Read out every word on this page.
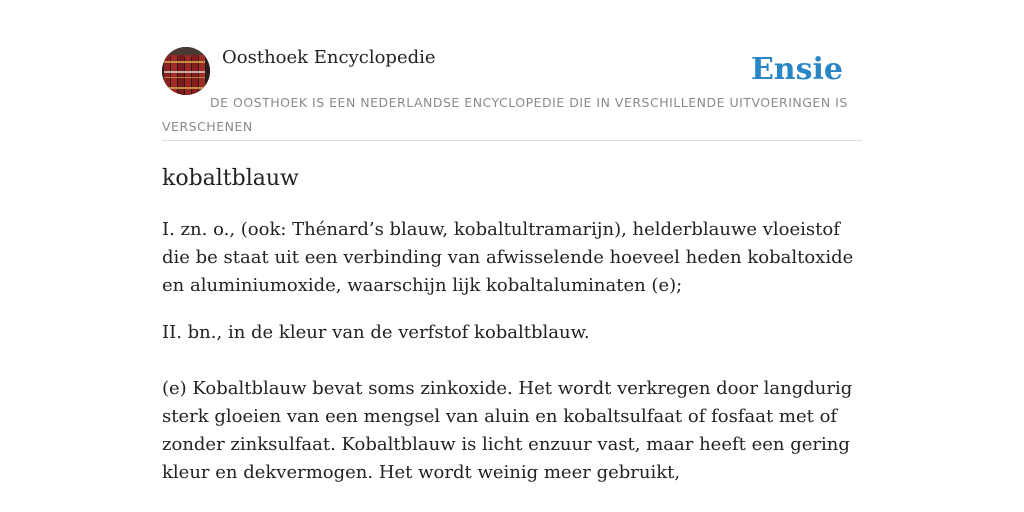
Oosthoek Encyclopedie	Ensie
DE OOSTHOEK IS EEN NEDERLANDSE ENCYCLOPEDIE DIE IN VERSCHILLENDE UITVOERINGEN IS VERSCHENEN
kobaltblauw

I. zn. o., (ook: Thénard’s blauw, kobaltultramarijn), helderblauwe vloeistof die be staat uit een verbinding van afwisselende hoeveel heden kobaltoxide en aluminiumoxide, waarschijn lijk kobaltaluminaten (e);

II. bn., in de kleur van de verfstof kobaltblauw.

(e) Kobaltblauw bevat soms zinkoxide. Het wordt verkregen door langdurig sterk gloeien van een mengsel van aluin en kobaltsulfaat of fosfaat met of zonder zinksulfaat. Kobaltblauw is licht enzuur vast, maar heeft een gering kleur en dekvermogen. Het wordt weinig meer gebruikt,
